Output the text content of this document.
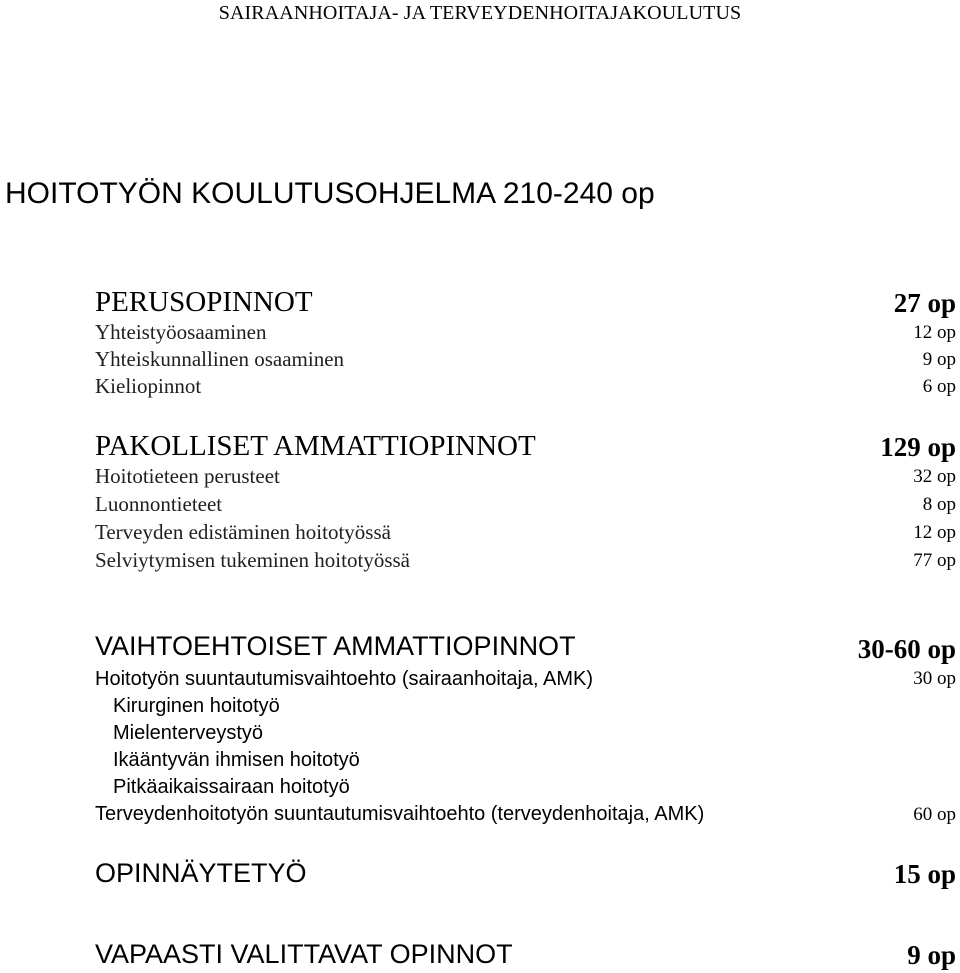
SAIRAANHOITAJA- JA TERVEYDENHOITAJAKOULUTUS
HOITOTYÖN KOULUTUSOHJELMA 210-240 op
PERUSOPINNOT	27 op
Yhteistyöosaaminen	12 op
Yhteiskunnallinen osaaminen	9 op
Kieliopinnot	6 op
PAKOLLISET AMMATTIOPINNOT	129 op
Hoitotieteen perusteet	32 op
Luonnontieteet	8 op
Terveyden edistäminen hoitotyössä	12 op
Selviytymisen tukeminen hoitotyössä	77 op
VAIHTOEHTOISET AMMATTIOPINNOT	30-60 op
Hoitotyön suuntautumisvaihtoehto (sairaanhoitaja, AMK)	30 op
Kirurginen hoitotyö
Mielenterveystyö
Ikääntyvän ihmisen hoitotyö
Pitkäaikaissairaan hoitotyö
Terveydenhoitotyön suuntautumisvaihtoehto (terveydenhoitaja, AMK)	60 op
OPINNÄYTETYÖ	15 op
VAPAASTI VALITTAVAT OPINNOT	9 op
